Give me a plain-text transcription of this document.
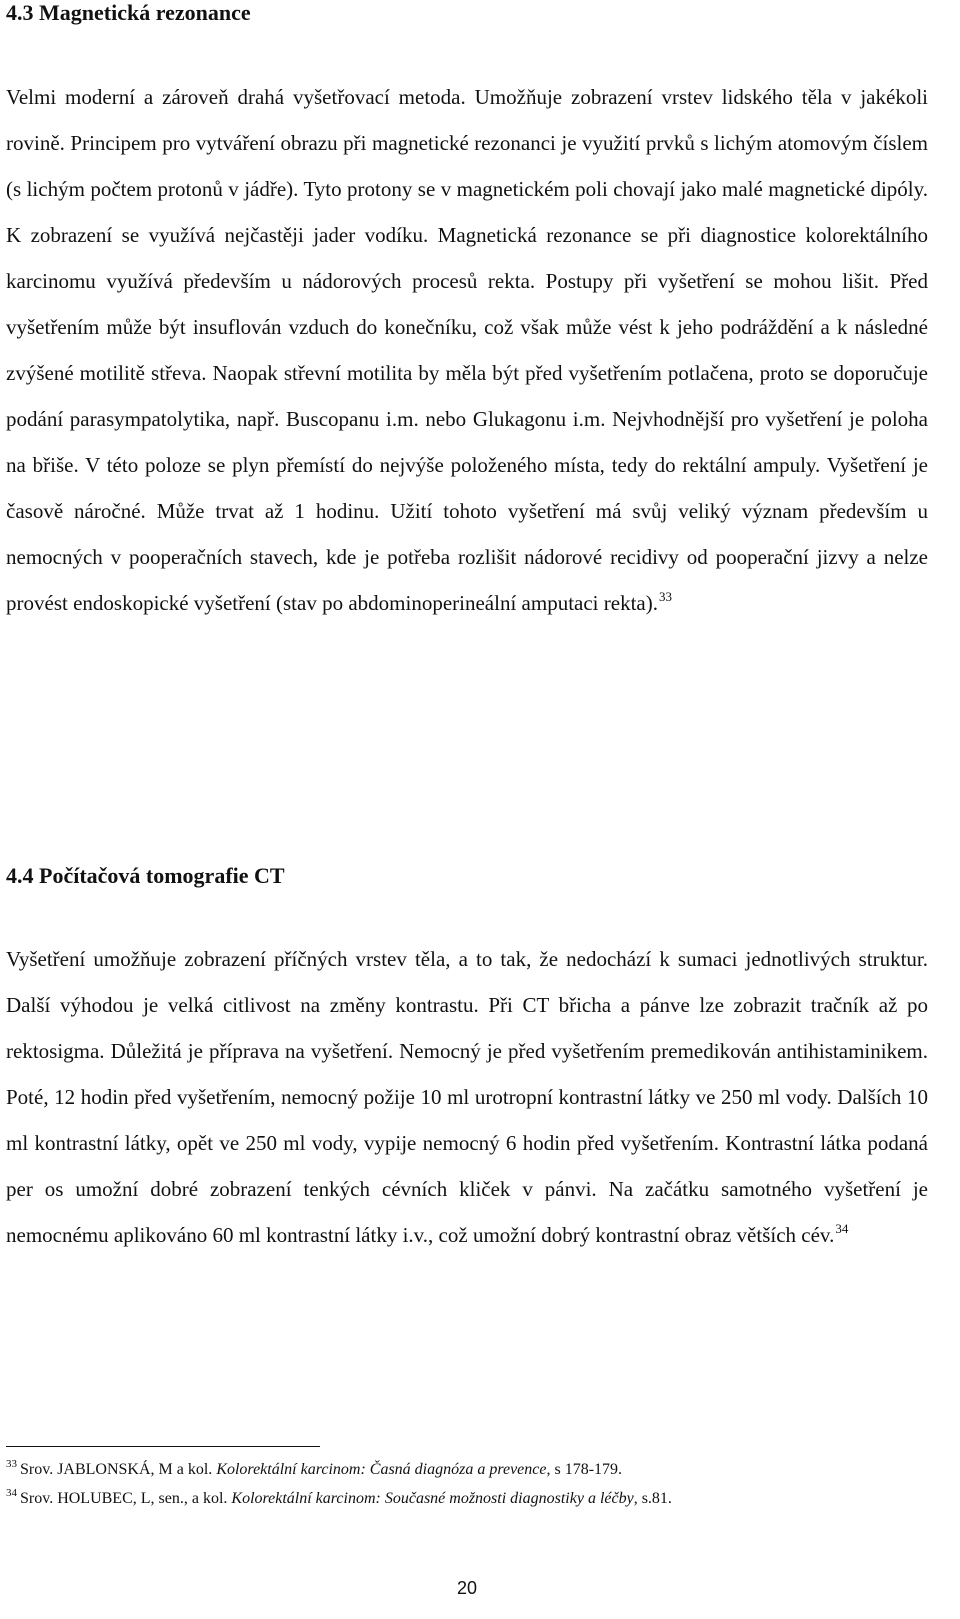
4.3 Magnetická rezonance

Velmi moderní a zároveň drahá vyšetřovací metoda. Umožňuje zobrazení vrstev lidského těla v jakékoli rovině. Principem pro vytváření obrazu při magnetické rezonanci je využití prvků s lichým atomovým číslem (s lichým počtem protonů v jádře). Tyto protony se v magnetickém poli chovají jako malé magnetické dipóly. K zobrazení se využívá nejčastěji jader vodíku. Magnetická rezonance se při diagnostice kolorektálního karcinomu využívá především u nádorových procesů rekta. Postupy při vyšetření se mohou lišit. Před vyšetřením může být insuflován vzduch do konečníku, což však může vést k jeho podráždění a k následné zvýšené motilitě střeva. Naopak střevní motilita by měla být před vyšetřením potlačena, proto se doporučuje podání parasympatolytika, např. Buscopanu i.m. nebo Glukagonu i.m. Nejvhodnější pro vyšetření je poloha na břiše. V této poloze se plyn přemístí do nejvýše položeného místa, tedy do rektální ampuly. Vyšetření je časově náročné. Může trvat až 1 hodinu. Užití tohoto vyšetření má svůj veliký význam především u nemocných v pooperačních stavech, kde je potřeba rozlišit nádorové recidivy od pooperační jizvy a nelze provést endoskopické vyšetření (stav po abdominoperineální amputaci rekta).$^{33}$

4.4 Počítačová tomografie CT

Vyšetření umožňuje zobrazení příčných vrstev těla, a to tak, že nedochází k sumaci jednotlivých struktur. Další výhodou je velká citlivost na změny kontrastu. Při CT břicha a pánve lze zobrazit tračník až po rektosigma. Důležitá je příprava na vyšetření. Nemocný je před vyšetřením premedikován antihistaminikem. Poté, 12 hodin před vyšetřením, nemocný požije 10 ml urotropní kontrastní látky ve 250 ml vody. Dalších 10 ml kontrastní látky, opět ve 250 ml vody, vypije nemocný 6 hodin před vyšetřením. Kontrastní látka podaná per os umožní dobré zobrazení tenkých cévních kliček v pánvi. Na začátku samotného vyšetření je nemocnému aplikováno 60 ml kontrastní látky i.v., což umožní dobrý kontrastní obraz větších cév.$^{34}$

$^{33}$ Srov. JABLONSKÁ, M a kol. Kolorektální karcinom: Časná diagnóza a prevence, s 178-179.
$^{34}$ Srov. HOLUBEC, L, sen., a kol. Kolorektální karcinom: Současné možnosti diagnostiky a léčby, s.81.
20
